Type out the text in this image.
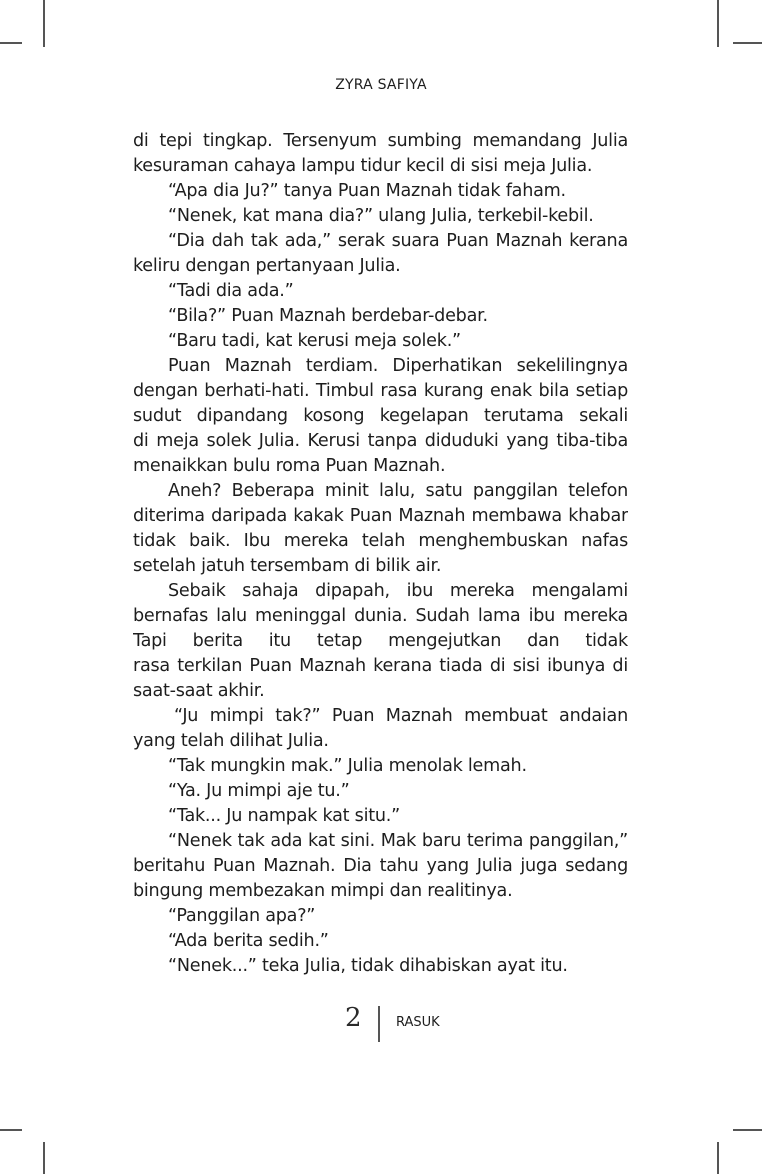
ZYRA SAFIYA
di tepi tingkap. Tersenyum sumbing memandang Julia
kesuraman cahaya lampu tidur kecil di sisi meja Julia.
“Apa dia Ju?” tanya Puan Maznah tidak faham.
“Nenek, kat mana dia?” ulang Julia, terkebil-kebil.
“Dia dah tak ada,” serak suara Puan Maznah kerana
keliru dengan pertanyaan Julia.
“Tadi dia ada.”
“Bila?” Puan Maznah berdebar-debar.
“Baru tadi, kat kerusi meja solek.”
Puan Maznah terdiam. Diperhatikan sekelilingnya
dengan berhati-hati. Timbul rasa kurang enak bila setiap
sudut dipandang kosong kegelapan terutama sekali
di meja solek Julia. Kerusi tanpa diduduki yang tiba-tiba
menaikkan bulu roma Puan Maznah.
Aneh? Beberapa minit lalu, satu panggilan telefon
diterima daripada kakak Puan Maznah membawa khabar
tidak baik. Ibu mereka telah menghembuskan nafas
setelah jatuh tersembam di bilik air.
Sebaik sahaja dipapah, ibu mereka mengalami
bernafas lalu meninggal dunia. Sudah lama ibu mereka
Tapi berita itu tetap mengejutkan dan tidak
rasa terkilan Puan Maznah kerana tiada di sisi ibunya di
saat-saat akhir.
“Ju mimpi tak?” Puan Maznah membuat andaian
yang telah dilihat Julia.
“Tak mungkin mak.” Julia menolak lemah.
“Ya. Ju mimpi aje tu.”
“Tak... Ju nampak kat situ.”
“Nenek tak ada kat sini. Mak baru terima panggilan,”
beritahu Puan Maznah. Dia tahu yang Julia juga sedang
bingung membezakan mimpi dan realitinya.
“Panggilan apa?”
“Ada berita sedih.”
“Nenek...” teka Julia, tidak dihabiskan ayat itu.
2	RASUK
